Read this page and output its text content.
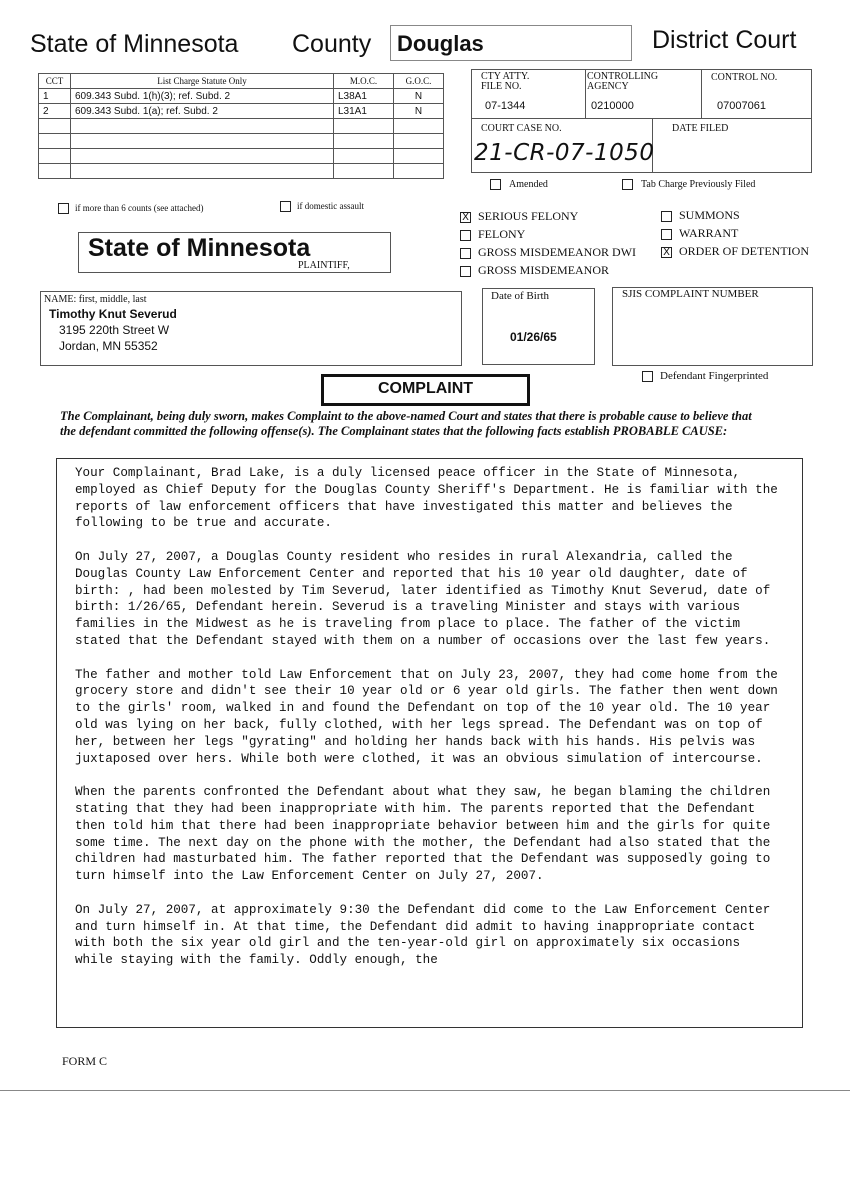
State of Minnesota County Douglas	District Court
CCT	List Charge Statute Only	M.O.C.	G.O.C.
1	609.343 Subd. 1(h)(3); ref. Subd. 2	L38A1	N
2	609.343 Subd. 1(a); ref. Subd. 2	L31A1	N

if more than 6 counts (see attached)	if domestic assault
CTY ATTY. FILE NO.
07-1344
CONTROLLING AGENCY
0210000
CONTROL NO.
07007061
COURT CASE NO.
21-CR-07-1050
DATE FILED
Amended	Tab Charge Previously Filed
State of Minnesota
PLAINTIFF,
X SERIOUS FELONY
FELONY
GROSS MISDEMEANOR DWI
GROSS MISDEMEANOR
SUMMONS
WARRANT
X ORDER OF DETENTION
NAME: first, middle, last
Timothy Knut Severud
3195 220th Street W
Jordan, MN 55352
Date of Birth
01/26/65
SJIS COMPLAINT NUMBER
Defendant Fingerprinted
COMPLAINT
The Complainant, being duly sworn, makes Complaint to the above-named Court and states that there is probable cause to believe that the defendant committed the following offense(s). The Complainant states that the following facts establish PROBABLE CAUSE:

Your Complainant, Brad Lake, is a duly licensed peace officer in the State of Minnesota, employed as Chief Deputy for the Douglas County Sheriff's Department. He is familiar with the reports of law enforcement officers that have investigated this matter and believes the following to be true and accurate.

On July 27, 2007, a Douglas County resident who resides in rural Alexandria, called the Douglas County Law Enforcement Center and reported that his 10 year old daughter, date of birth: , had been molested by Tim Severud, later identified as Timothy Knut Severud, date of birth: 1/26/65, Defendant herein. Severud is a traveling Minister and stays with various families in the Midwest as he is traveling from place to place. The father of the victim stated that the Defendant stayed with them on a number of occasions over the last few years.

The father and mother told Law Enforcement that on July 23, 2007, they had come home from the grocery store and didn't see their 10 year old or 6 year old girls. The father then went down to the girls' room, walked in and found the Defendant on top of the 10 year old. The 10 year old was lying on her back, fully clothed, with her legs spread. The Defendant was on top of her, between her legs "gyrating" and holding her hands back with his hands. His pelvis was juxtaposed over hers. While both were clothed, it was an obvious simulation of intercourse.

When the parents confronted the Defendant about what they saw, he began blaming the children stating that they had been inappropriate with him. The parents reported that the Defendant then told him that there had been inappropriate behavior between him and the girls for quite some time. The next day on the phone with the mother, the Defendant had also stated that the children had masturbated him. The father reported that the Defendant was supposedly going to turn himself into the Law Enforcement Center on July 27, 2007.

On July 27, 2007, at approximately 9:30 the Defendant did come to the Law Enforcement Center and turn himself in. At that time, the Defendant did admit to having inappropriate contact with both the six year old girl and the ten-year-old girl on approximately six occasions while staying with the family. Oddly enough, the

FORM C
